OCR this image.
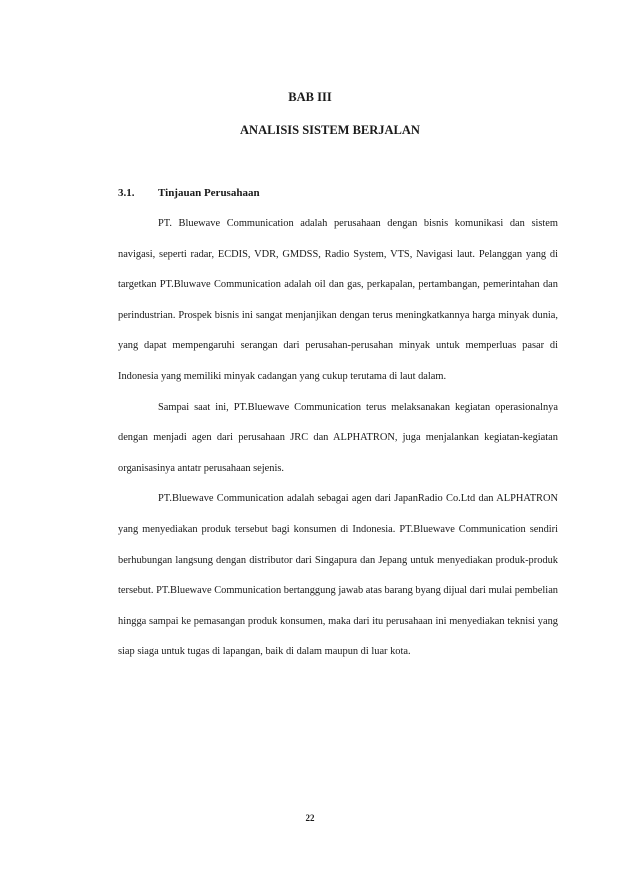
BAB III
ANALISIS SISTEM BERJALAN
3.1. Tinjauan Perusahaan

PT. Bluewave Communication adalah perusahaan dengan bisnis komunikasi dan sistem navigasi, seperti radar, ECDIS, VDR, GMDSS, Radio System, VTS, Navigasi laut. Pelanggan yang di targetkan PT.Bluwave Communication adalah oil dan gas, perkapalan, pertambangan, pemerintahan dan perindustrian. Prospek bisnis ini sangat menjanjikan dengan terus meningkatkannya harga minyak dunia, yang dapat mempengaruhi serangan dari perusahan-perusahan minyak untuk memperluas pasar di Indonesia yang memiliki minyak cadangan yang cukup terutama di laut dalam.

Sampai saat ini, PT.Bluewave Communication terus melaksanakan kegiatan operasionalnya dengan menjadi agen dari perusahaan JRC dan ALPHATRON, juga menjalankan kegiatan-kegiatan organisasinya antatr perusahaan sejenis.

PT.Bluewave Communication adalah sebagai agen dari JapanRadio Co.Ltd dan ALPHATRON yang menyediakan produk tersebut bagi konsumen di Indonesia. PT.Bluewave Communication sendiri berhubungan langsung dengan distributor dari Singapura dan Jepang untuk menyediakan produk-produk tersebut. PT.Bluewave Communication bertanggung jawab atas barang byang dijual dari mulai pembelian hingga sampai ke pemasangan produk konsumen, maka dari itu perusahaan ini menyediakan teknisi yang siap siaga untuk tugas di lapangan, baik di dalam maupun di luar kota.

22
